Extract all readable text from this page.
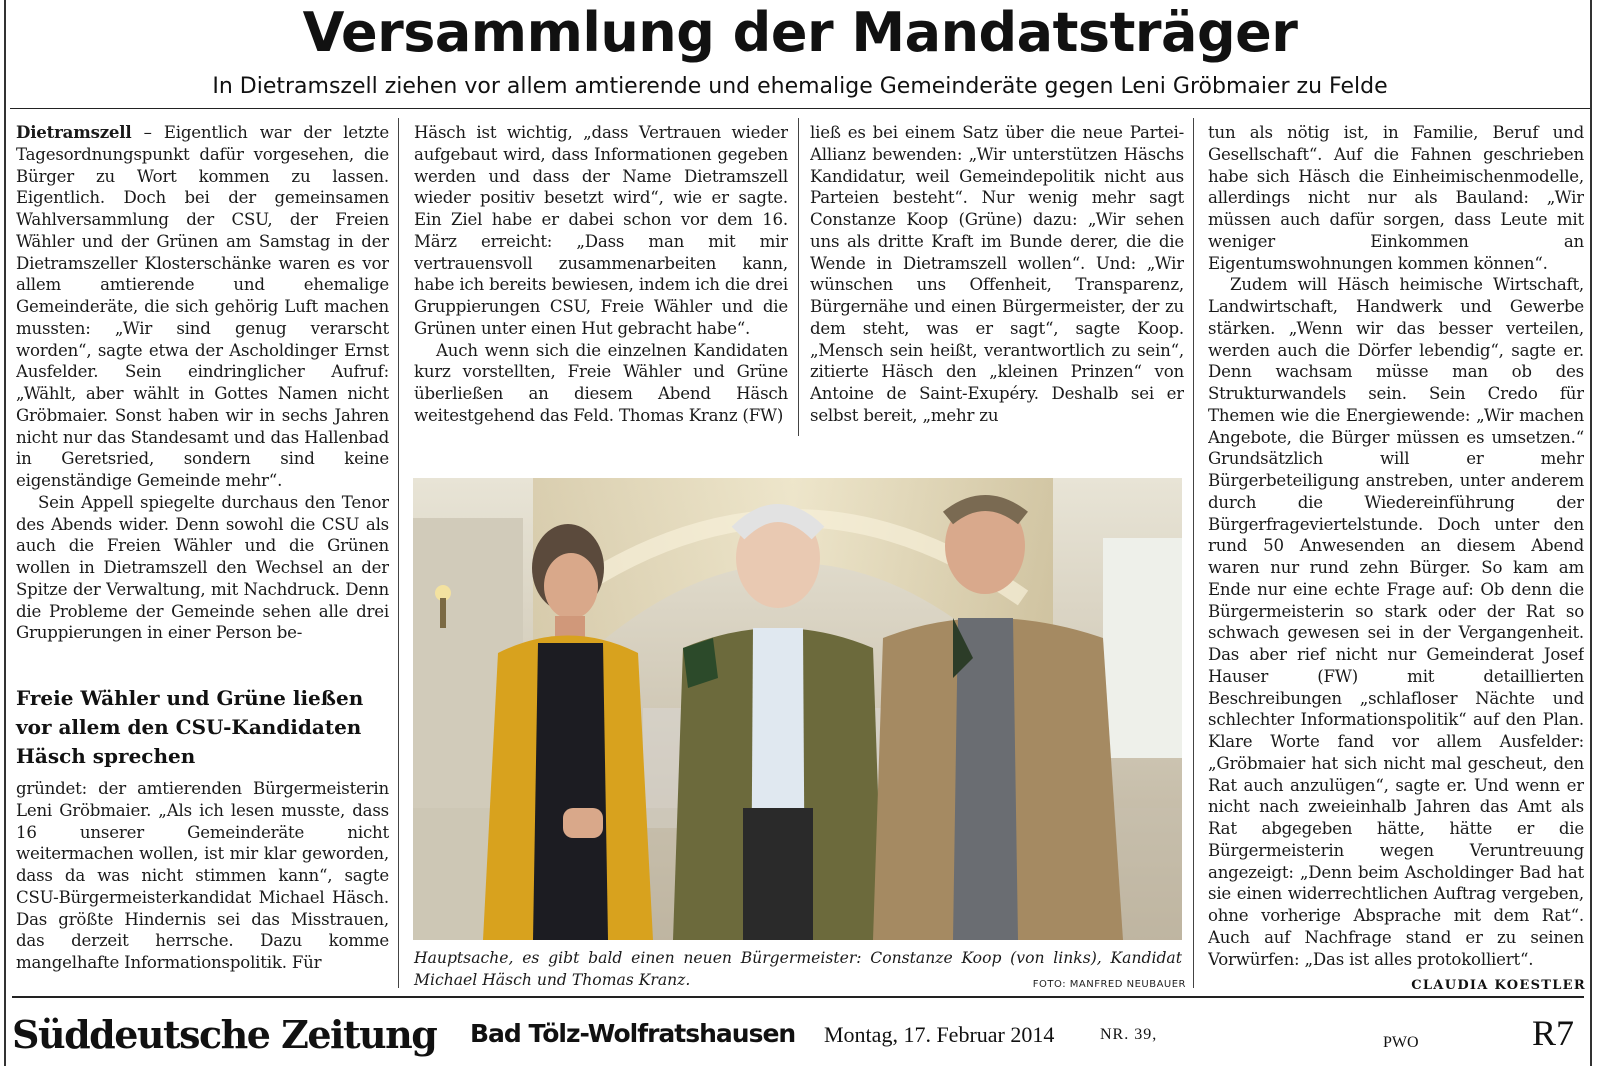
Versammlung der Mandatsträger
In Dietramszell ziehen vor allem amtierende und ehemalige Gemeinderäte gegen Leni Gröbmaier zu Felde

Dietramszell – Eigentlich war der letzte Tagesordnungspunkt dafür vorgesehen, die Bürger zu Wort kommen zu lassen. Eigentlich. Doch bei der gemeinsamen Wahlversammlung der CSU, der Freien Wähler und der Grünen am Samstag in der Dietramszeller Klosterschänke waren es vor allem amtierende und ehemalige Gemeinderäte, die sich gehörig Luft machen mussten: „Wir sind genug verarscht worden“, sagte etwa der Ascholdinger Ernst Ausfelder. Sein eindringlicher Aufruf: „Wählt, aber wählt in Gottes Namen nicht Gröbmaier. Sonst haben wir in sechs Jahren nicht nur das Standesamt und das Hallenbad in Geretsried, sondern sind keine eigenständige Gemeinde mehr“.

Sein Appell spiegelte durchaus den Tenor des Abends wider. Denn sowohl die CSU als auch die Freien Wähler und die Grünen wollen in Dietramszell den Wechsel an der Spitze der Verwaltung, mit Nachdruck. Denn die Probleme der Gemeinde sehen alle drei Gruppierungen in einer Person be-

Freie Wähler und Grüne ließen vor allem den CSU-Kandidaten Häsch sprechen

gründet: der amtierenden Bürgermeisterin Leni Gröbmaier. „Als ich lesen musste, dass 16 unserer Gemeinderäte nicht weitermachen wollen, ist mir klar geworden, dass da was nicht stimmen kann“, sagte CSU-Bürgermeisterkandidat Michael Häsch. Das größte Hindernis sei das Misstrauen, das derzeit herrsche. Dazu komme mangelhafte Informationspolitik. Für

Häsch ist wichtig, „dass Vertrauen wieder aufgebaut wird, dass Informationen gegeben werden und dass der Name Dietramszell wieder positiv besetzt wird“, wie er sagte. Ein Ziel habe er dabei schon vor dem 16. März erreicht: „Dass man mit mir vertrauensvoll zusammenarbeiten kann, habe ich bereits bewiesen, indem ich die drei Gruppierungen CSU, Freie Wähler und die Grünen unter einen Hut gebracht habe“.

Auch wenn sich die einzelnen Kandidaten kurz vorstellten, Freie Wähler und Grüne überließen an diesem Abend Häsch weitestgehend das Feld. Thomas Kranz (FW)

ließ es bei einem Satz über die neue Partei-Allianz bewenden: „Wir unterstützen Häschs Kandidatur, weil Gemeindepolitik nicht aus Parteien besteht“. Nur wenig mehr sagt Constanze Koop (Grüne) dazu: „Wir sehen uns als dritte Kraft im Bunde derer, die die Wende in Dietramszell wollen“. Und: „Wir wünschen uns Offenheit, Transparenz, Bürgernähe und einen Bürgermeister, der zu dem steht, was er sagt“, sagte Koop. „Mensch sein heißt, verantwortlich zu sein“, zitierte Häsch den „kleinen Prinzen“ von Antoine de Saint-Exupéry. Deshalb sei er selbst bereit, „mehr zu

tun als nötig ist, in Familie, Beruf und Gesellschaft“. Auf die Fahnen geschrieben habe sich Häsch die Einheimischenmodelle, allerdings nicht nur als Bauland: „Wir müssen auch dafür sorgen, dass Leute mit weniger Einkommen an Eigentumswohnungen kommen können“.

Zudem will Häsch heimische Wirtschaft, Landwirtschaft, Handwerk und Gewerbe stärken. „Wenn wir das besser verteilen, werden auch die Dörfer lebendig“, sagte er. Denn wachsam müsse man ob des Strukturwandels sein. Sein Credo für Themen wie die Energiewende: „Wir machen Angebote, die Bürger müssen es umsetzen.“ Grundsätzlich will er mehr Bürgerbeteiligung anstreben, unter anderem durch die Wiedereinführung der Bürgerfrageviertelstunde. Doch unter den rund 50 Anwesenden an diesem Abend waren nur rund zehn Bürger. So kam am Ende nur eine echte Frage auf: Ob denn die Bürgermeisterin so stark oder der Rat so schwach gewesen sei in der Vergangenheit. Das aber rief nicht nur Gemeinderat Josef Hauser (FW) mit detaillierten Beschreibungen „schlafloser Nächte und schlechter Informationspolitik“ auf den Plan. Klare Worte fand vor allem Ausfelder: „Gröbmaier hat sich nicht mal gescheut, den Rat auch anzulügen“, sagte er. Und wenn er nicht nach zweieinhalb Jahren das Amt als Rat abgegeben hätte, hätte er die Bürgermeisterin wegen Veruntreuung angezeigt: „Denn beim Ascholdinger Bad hat sie einen widerrechtlichen Auftrag vergeben, ohne vorherige Absprache mit dem Rat“. Auch auf Nachfrage stand er zu seinen Vorwürfen: „Das ist alles protokolliert“.

Hauptsache, es gibt bald einen neuen Bürgermeister: Constanze Koop (von links), Kandidat Michael Häsch und Thomas Kranz.	FOTO: MANFRED NEUBAUER	CLAUDIA KOESTLER
Süddeutsche Zeitung Bad Tölz-Wolfratshausen Montag, 17. Februar 2014	NR. 39,	PWO	R7
